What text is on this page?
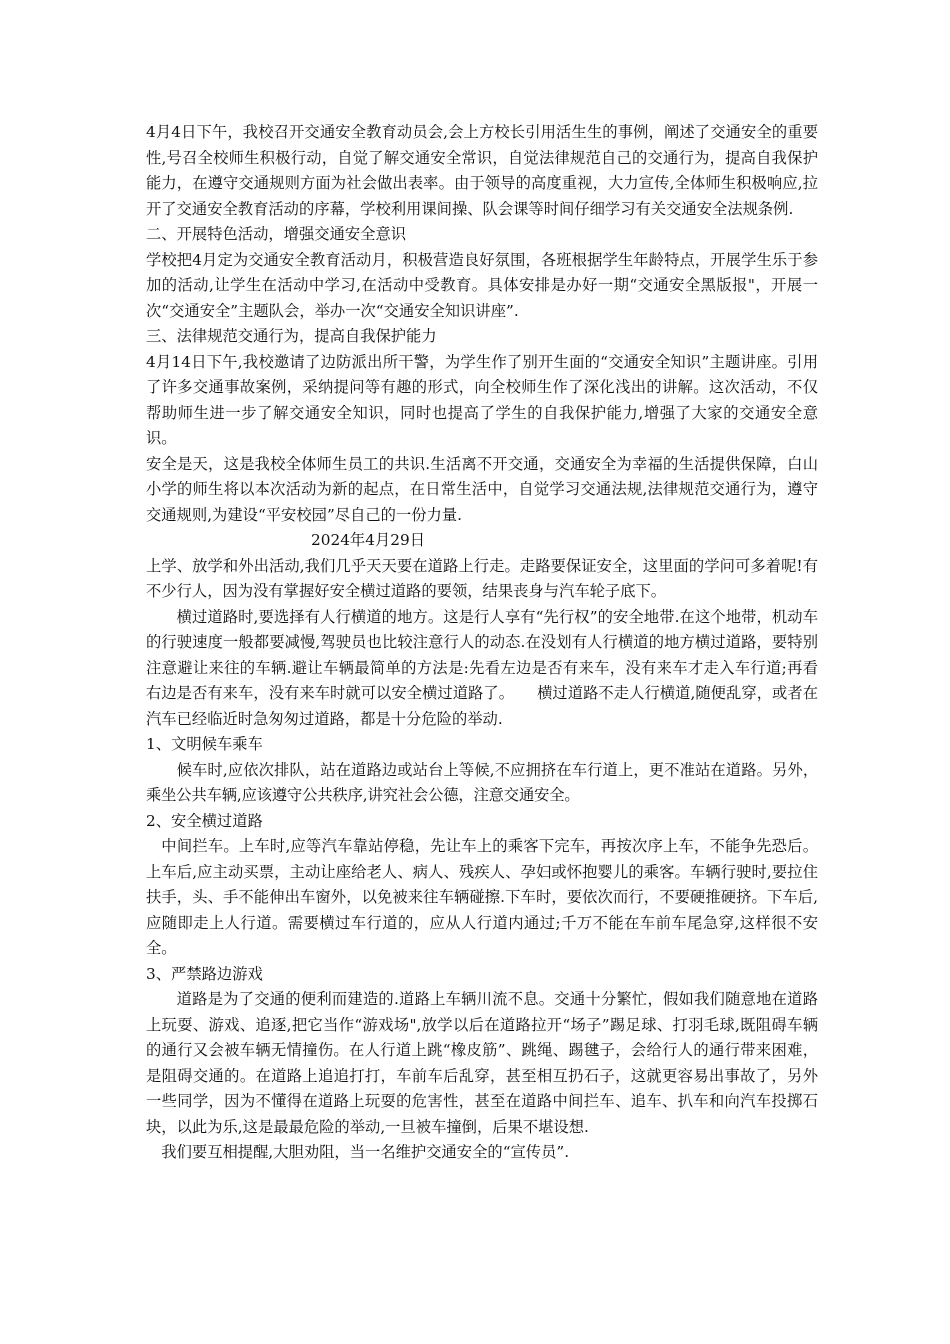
4月4日下午，我校召开交通安全教育动员会,会上方校长引用活生生的事例，阐述了交通安全的重要性,号召全校师生积极行动，自觉了解交通安全常识，自觉法律规范自己的交通行为，提高自我保护能力，在遵守交通规则方面为社会做出表率。由于领导的高度重视，大力宣传,全体师生积极响应,拉开了交通安全教育活动的序幕，学校利用课间操、队会课等时间仔细学习有关交通安全法规条例.

二、开展特色活动，增强交通安全意识

学校把4月定为交通安全教育活动月，积极营造良好氛围，各班根据学生年龄特点，开展学生乐于参加的活动,让学生在活动中学习,在活动中受教育。具体安排是办好一期“交通安全黑版报"，开展一次“交通安全”主题队会，举办一次“交通安全知识讲座”.

三、法律规范交通行为，提高自我保护能力

4月14日下午,我校邀请了边防派出所干警，为学生作了别开生面的“交通安全知识”主题讲座。引用了许多交通事故案例，采纳提问等有趣的形式，向全校师生作了深化浅出的讲解。这次活动，不仅帮助师生进一步了解交通安全知识，同时也提高了学生的自我保护能力,增强了大家的交通安全意识。

安全是天，这是我校全体师生员工的共识.生活离不开交通，交通安全为幸福的生活提供保障，白山小学的师生将以本次活动为新的起点，在日常生活中，自觉学习交通法规,法律规范交通行为，遵守交通规则,为建设“平安校园”尽自己的一份力量.

2024年4月29日

上学、放学和外出活动,我们几乎天天要在道路上行走。走路要保证安全，这里面的学问可多着呢!有不少行人，因为没有掌握好安全横过道路的要领，结果丧身与汽车轮子底下。

横过道路时,要选择有人行横道的地方。这是行人享有“先行权”的安全地带.在这个地带，机动车的行驶速度一般都要减慢,驾驶员也比较注意行人的动态.在没划有人行横道的地方横过道路，要特别注意避让来往的车辆.避让车辆最简单的方法是:先看左边是否有来车，没有来车才走入车行道;再看右边是否有来车，没有来车时就可以安全横过道路了。　　横过道路不走人行横道,随便乱穿，或者在汽车已经临近时急匆匆过道路，都是十分危险的举动.

1、文明候车乘车

候车时,应依次排队，站在道路边或站台上等候,不应拥挤在车行道上，更不准站在道路。另外，乘坐公共车辆,应该遵守公共秩序,讲究社会公德，注意交通安全。

2、安全横过道路

中间拦车。上车时,应等汽车靠站停稳，先让车上的乘客下完车，再按次序上车，不能争先恐后。上车后,应主动买票，主动让座给老人、病人、残疾人、孕妇或怀抱婴儿的乘客。车辆行驶时,要拉住扶手，头、手不能伸出车窗外，以免被来往车辆碰擦.下车时，要依次而行，不要硬推硬挤。下车后,应随即走上人行道。需要横过车行道的，应从人行道内通过;千万不能在车前车尾急穿,这样很不安全。

3、严禁路边游戏

道路是为了交通的便利而建造的.道路上车辆川流不息。交通十分繁忙，假如我们随意地在道路上玩耍、游戏、追逐,把它当作“游戏场",放学以后在道路拉开“场子”踢足球、打羽毛球,既阻碍车辆的通行又会被车辆无情撞伤。在人行道上跳“橡皮筋”、跳绳、踢毽子，会给行人的通行带来困难，是阻碍交通的。在道路上追追打打，车前车后乱穿，甚至相互扔石子，这就更容易出事故了，另外一些同学，因为不懂得在道路上玩耍的危害性，甚至在道路中间拦车、追车、扒车和向汽车投掷石块，以此为乐,这是最最危险的举动,一旦被车撞倒，后果不堪设想.

我们要互相提醒,大胆劝阻，当一名维护交通安全的“宣传员”.
